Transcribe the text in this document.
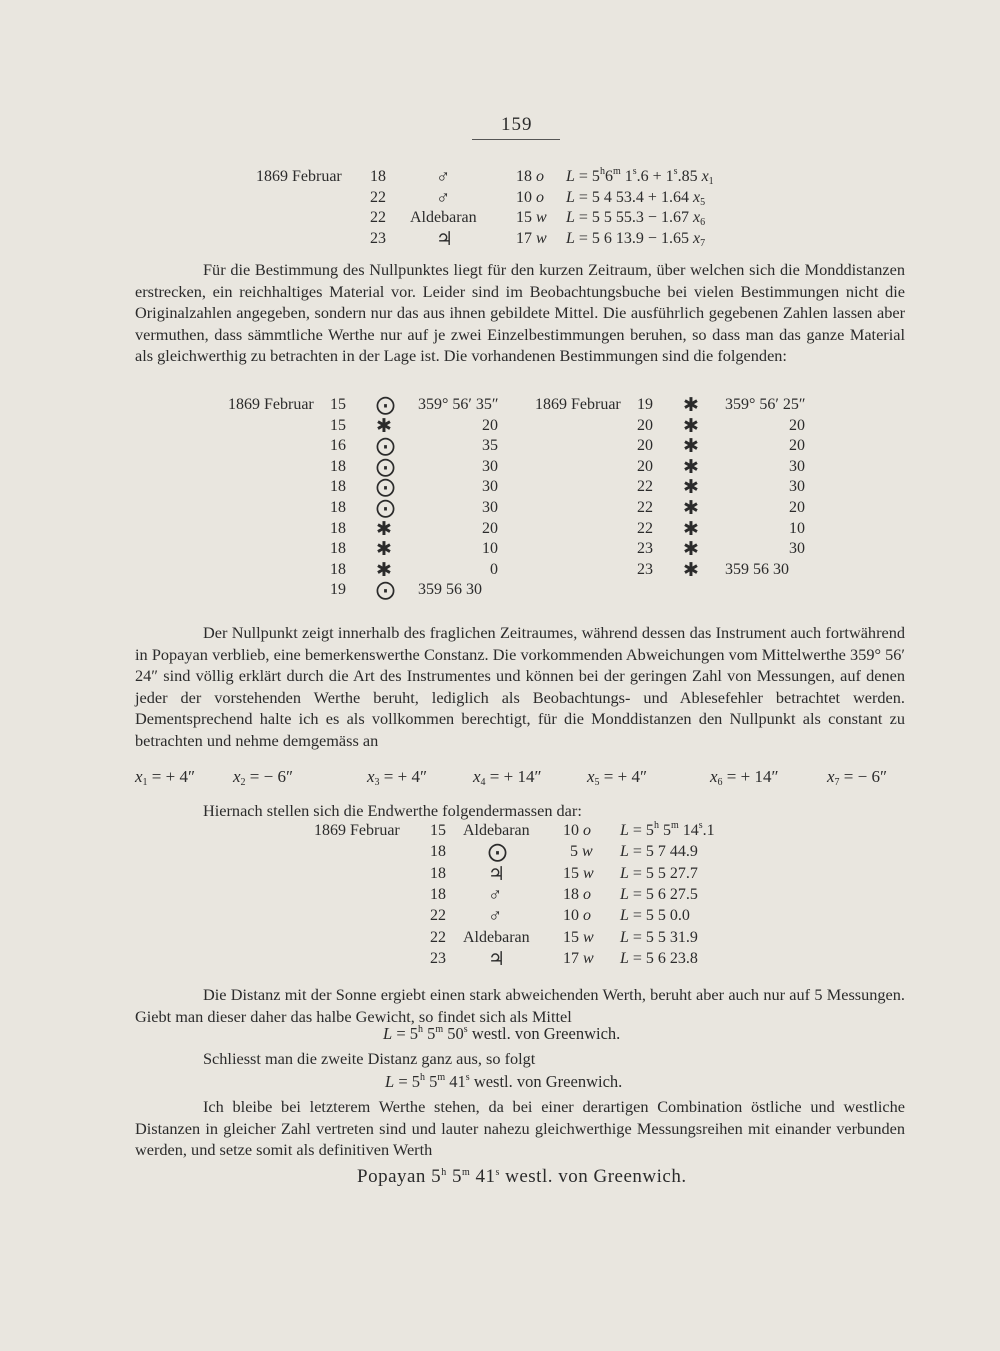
159
1869 Februar	18	♂	18 o $L = 5^h6^m$ $1^s.6 + 1^s.85$ $x_1$
22	♂	10 o L = 5 4 53.4 + 1.64 $x_5$
22 Aldebaran 15 w L = 5 5 55.3 − 1.67 $x_6$
23	♃	17 w L = 5 6 13.9 − 1.65 $x_7$
Für die Bestimmung des Nullpunktes liegt für den kurzen Zeitraum, über welchen sich die Monddistanzen erstrecken, ein reichhaltiges Material vor. Leider sind im Beobachtungsbuche bei vielen Bestimmungen nicht die Originalzahlen angegeben, sondern nur das aus ihnen gebildete Mittel. Die ausführlich gegebenen Zahlen lassen aber vermuthen, dass sämmtliche Werthe nur auf je zwei Einzelbestimmungen beruhen, so dass man das ganze Material als gleichwerthig zu betrachten in der Lage ist. Die vorhandenen Bestimmungen sind die folgenden:
1869 Februar	15 ⨀ 359° 56′ 35″
15 ✱	20
16 ⨀	35
18 ⨀	30
18 ⨀	30
18 ⨀	30
18 ✱	20
18 ✱	10
18 ✱	0
19 ⨀ 359 56 30
1869 Februar	19 ✱ 359° 56′ 25″
20 ✱	20
20 ✱	20
20 ✱	30
22 ✱	30
22 ✱	20
22 ✱	10
23 ✱	30
23 ✱ 359 56 30
Der Nullpunkt zeigt innerhalb des fraglichen Zeitraumes, während dessen das Instrument auch fortwährend in Popayan verblieb, eine bemerkenswerthe Constanz. Die vorkommenden Abweichungen vom Mittelwerthe 359° 56′ 24″ sind völlig erklärt durch die Art des Instrumentes und können bei der geringen Zahl von Messungen, auf denen jeder der vorstehenden Werthe beruht, lediglich als Beobachtungs- und Ablesefehler betrachtet werden. Dementsprechend halte ich es als vollkommen berechtigt, für die Monddistanzen den Nullpunkt als constant zu betrachten und nehme demgemäss an
$x_1$ = + 4″ $x_2$ = − 6″	$x_3$ = + 4″	$x_4$ = + 14″	$x_5$ = + 4″	$x_6$ = + 14″	$x_7$ = − 6″
Hiernach stellen sich die Endwerthe folgendermassen dar:
1869 Februar	15 Aldebaran 10 o $L = 5^h$ 5$^m$ 14$^s$.1
18 ⨀	5 w L = 5 7 44.9
18 ♃	15 w L = 5 5 27.7
18 ♂	18 o L = 5 6 27.5
22 ♂	10 o L = 5 5 0.0
22 Aldebaran 15 w L = 5 5 31.9
23 ♃	17 w L = 5 6 23.8
Die Distanz mit der Sonne ergiebt einen stark abweichenden Werth, beruht aber auch nur auf 5 Messungen. Giebt man dieser daher das halbe Gewicht, so findet sich als Mittel
$L = 5^h$ 5$^m$ 50$^s$ westl. von Greenwich.
Schliesst man die zweite Distanz ganz aus, so folgt
$L = 5^h$ 5$^m$ 41$^s$ westl. von Greenwich.
Ich bleibe bei letzterem Werthe stehen, da bei einer derartigen Combination östliche und westliche Distanzen in gleicher Zahl vertreten sind und lauter nahezu gleichwerthige Messungsreihen mit einander verbunden werden, und setze somit als definitiven Werth
Popayan 5$^h$ 5$^m$ 41$^s$ westl. von Greenwich.
